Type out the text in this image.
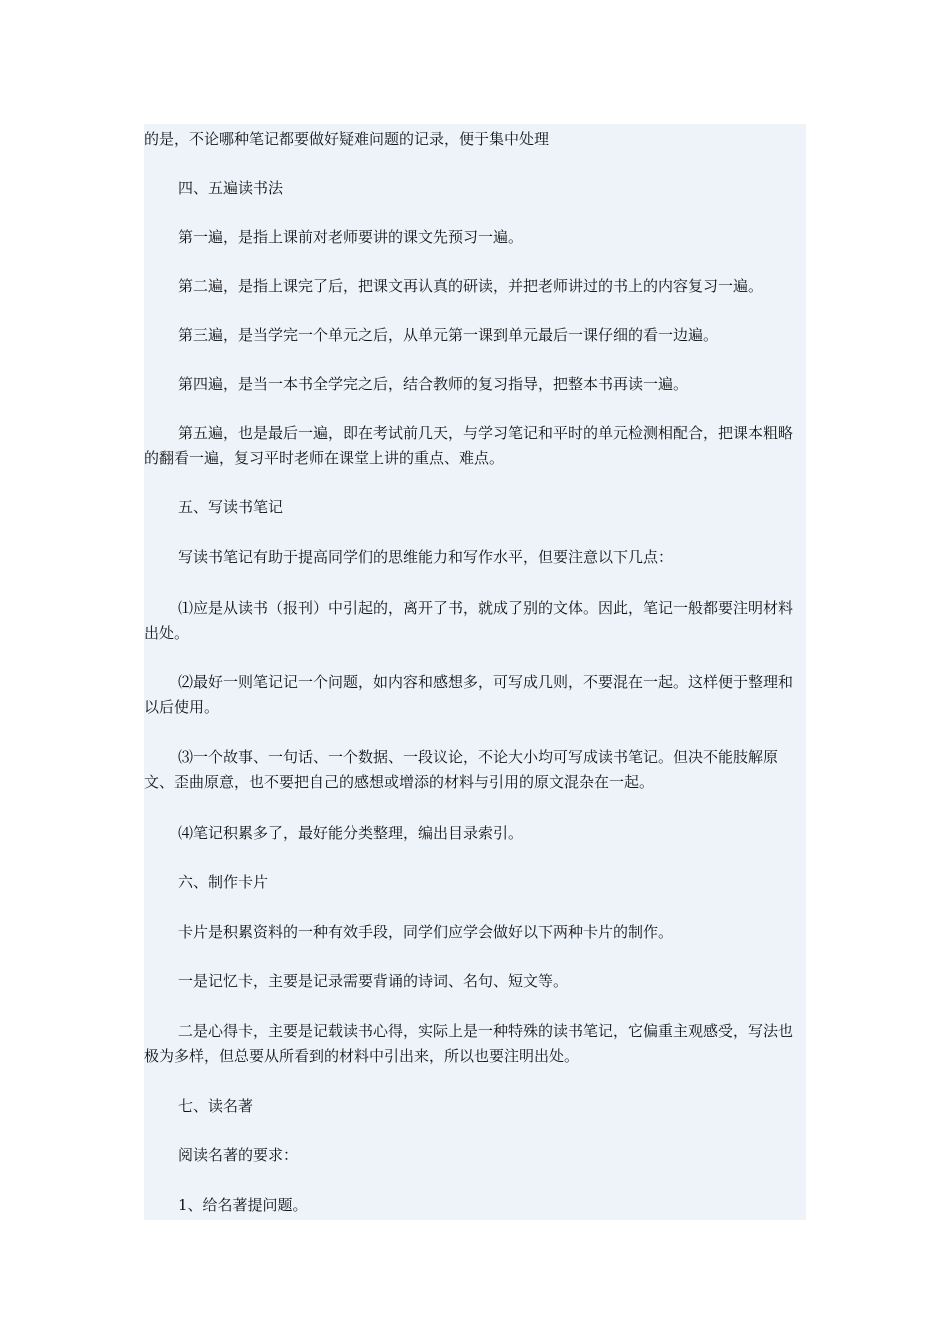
的是，不论哪种笔记都要做好疑难问题的记录，便于集中处理

四、五遍读书法

第一遍，是指上课前对老师要讲的课文先预习一遍。

第二遍，是指上课完了后，把课文再认真的研读，并把老师讲过的书上的内容复习一遍。

第三遍，是当学完一个单元之后，从单元第一课到单元最后一课仔细的看一边遍。

第四遍，是当一本书全学完之后，结合教师的复习指导，把整本书再读一遍。

第五遍，也是最后一遍，即在考试前几天，与学习笔记和平时的单元检测相配合，把课本粗略的翻看一遍，复习平时老师在课堂上讲的重点、难点。

五、写读书笔记

写读书笔记有助于提高同学们的思维能力和写作水平，但要注意以下几点：

⑴应是从读书（报刊）中引起的，离开了书，就成了别的文体。因此，笔记一般都要注明材料出处。

⑵最好一则笔记记一个问题，如内容和感想多，可写成几则，不要混在一起。这样便于整理和以后使用。

⑶一个故事、一句话、一个数据、一段议论，不论大小均可写成读书笔记。但决不能肢解原文、歪曲原意，也不要把自己的感想或增添的材料与引用的原文混杂在一起。

⑷笔记积累多了，最好能分类整理，编出目录索引。

六、制作卡片

卡片是积累资料的一种有效手段，同学们应学会做好以下两种卡片的制作。

一是记忆卡，主要是记录需要背诵的诗词、名句、短文等。

二是心得卡，主要是记载读书心得，实际上是一种特殊的读书笔记，它偏重主观感受，写法也极为多样，但总要从所看到的材料中引出来，所以也要注明出处。

七、读名著

阅读名著的要求：

1、给名著提问题。
